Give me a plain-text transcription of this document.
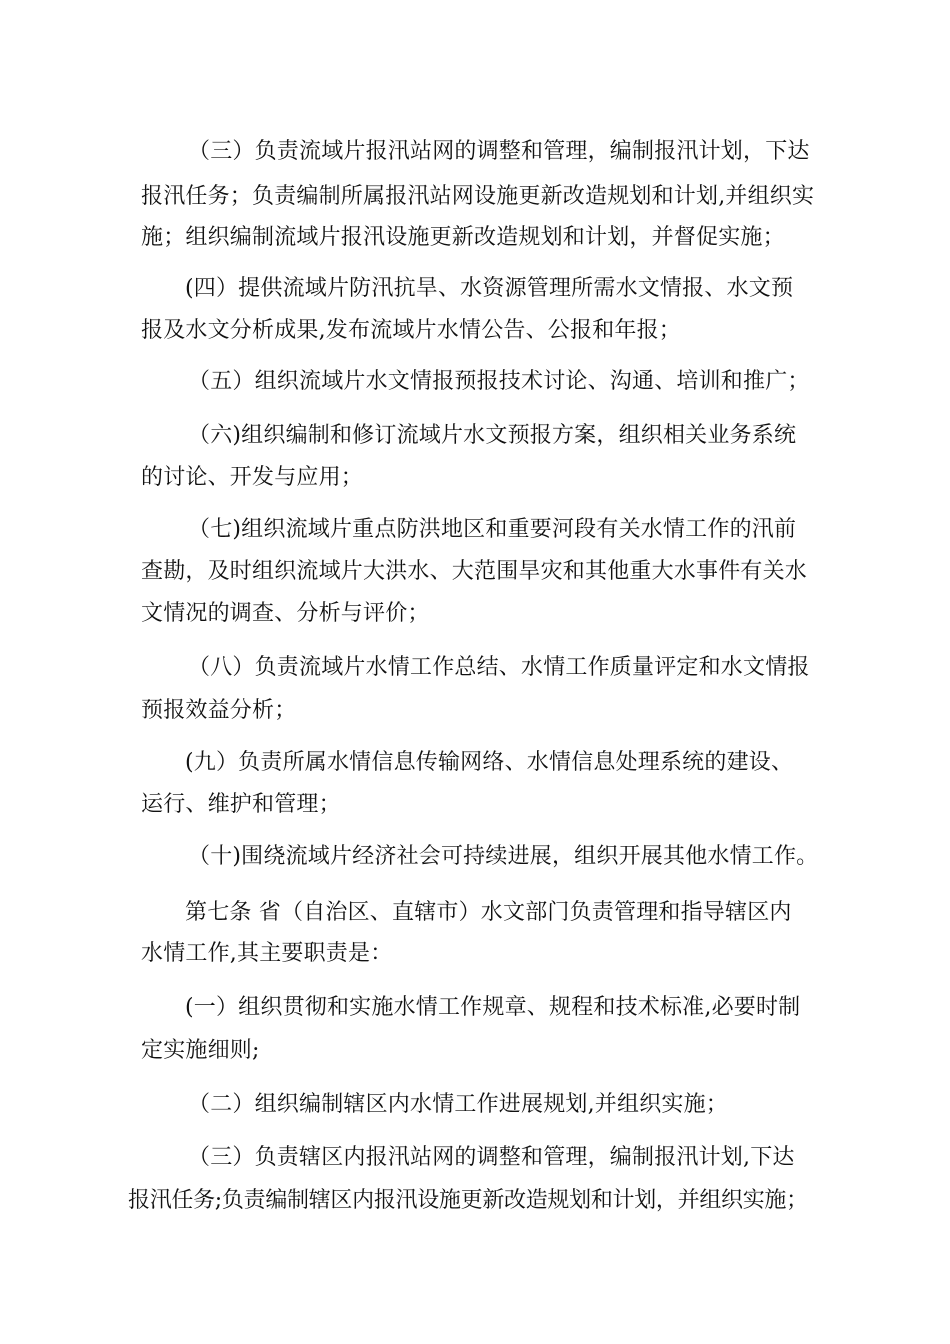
（三）负责流域片报汛站网的调整和管理，编制报汛计划，下达
报汛任务；负责编制所属报汛站网设施更新改造规划和计划,并组织实
施；组织编制流域片报汛设施更新改造规划和计划，并督促实施；
(四）提供流域片防汛抗旱、水资源管理所需水文情报、水文预
报及水文分析成果,发布流域片水情公告、公报和年报；
（五）组织流域片水文情报预报技术讨论、沟通、培训和推广；
（六)组织编制和修订流域片水文预报方案，组织相关业务系统
的讨论、开发与应用；
（七)组织流域片重点防洪地区和重要河段有关水情工作的汛前
查勘，及时组织流域片大洪水、大范围旱灾和其他重大水事件有关水
文情况的调查、分析与评价；
（八）负责流域片水情工作总结、水情工作质量评定和水文情报
预报效益分析；
(九）负责所属水情信息传输网络、水情信息处理系统的建设、
运行、维护和管理；
（十)围绕流域片经济社会可持续进展，组织开展其他水情工作。
第七条 省（自治区、直辖市）水文部门负责管理和指导辖区内
水情工作,其主要职责是：
(一）组织贯彻和实施水情工作规章、规程和技术标准,必要时制
定实施细则;
（二）组织编制辖区内水情工作进展规划,并组织实施；
（三）负责辖区内报汛站网的调整和管理，编制报汛计划,下达
报汛任务;负责编制辖区内报汛设施更新改造规划和计划，并组织实施；
